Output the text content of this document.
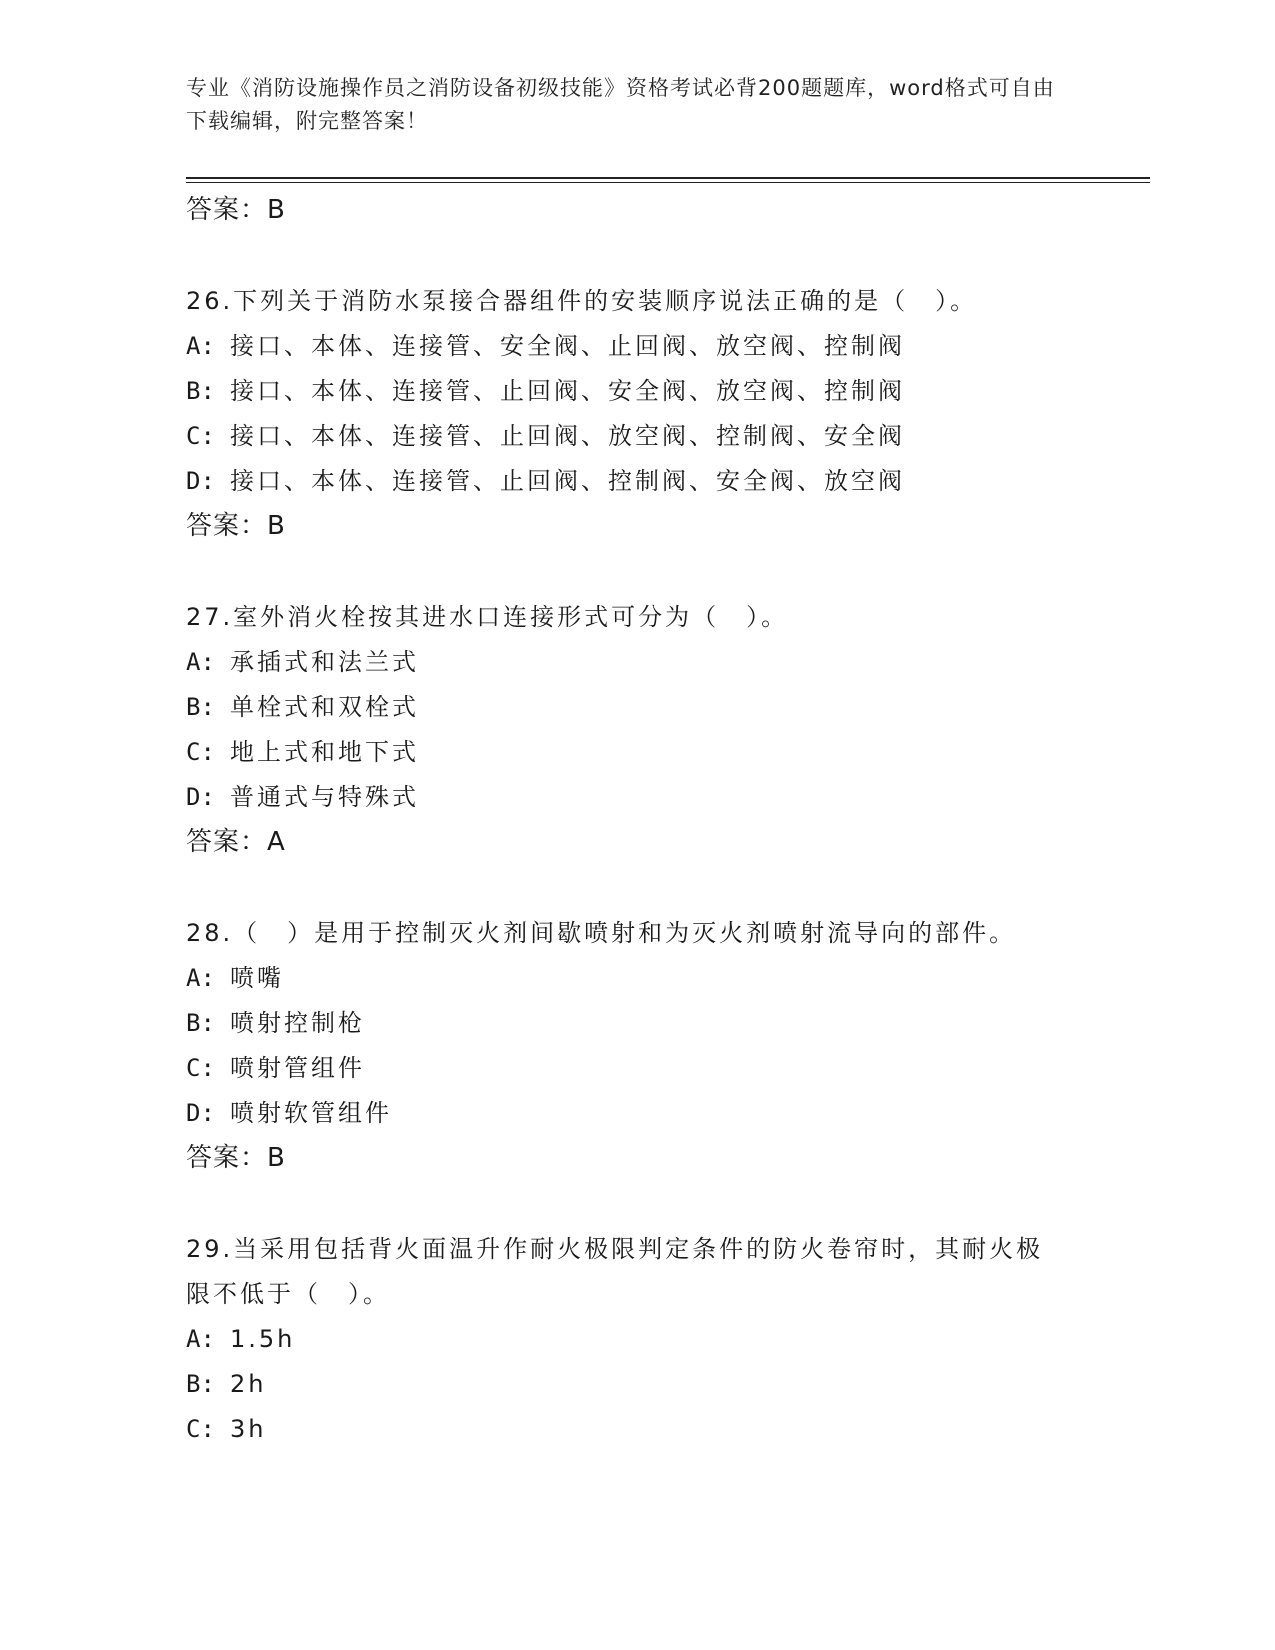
专业《消防设施操作员之消防设备初级技能》资格考试必背200题题库，word格式可自由下载编辑，附完整答案！
答案：B
26.下列关于消防水泵接合器组件的安装顺序说法正确的是（　）。
A: 接口、本体、连接管、安全阀、止回阀、放空阀、控制阀
B: 接口、本体、连接管、止回阀、安全阀、放空阀、控制阀
C: 接口、本体、连接管、止回阀、放空阀、控制阀、安全阀
D: 接口、本体、连接管、止回阀、控制阀、安全阀、放空阀
答案：B
27.室外消火栓按其进水口连接形式可分为（　）。
A: 承插式和法兰式
B: 单栓式和双栓式
C: 地上式和地下式
D: 普通式与特殊式
答案：A
28.（　）是用于控制灭火剂间歇喷射和为灭火剂喷射流导向的部件。
A: 喷嘴
B: 喷射控制枪
C: 喷射管组件
D: 喷射软管组件
答案：B
29.当采用包括背火面温升作耐火极限判定条件的防火卷帘时，其耐火极限不低于（　）。
A: 1.5h
B: 2h
C: 3h
